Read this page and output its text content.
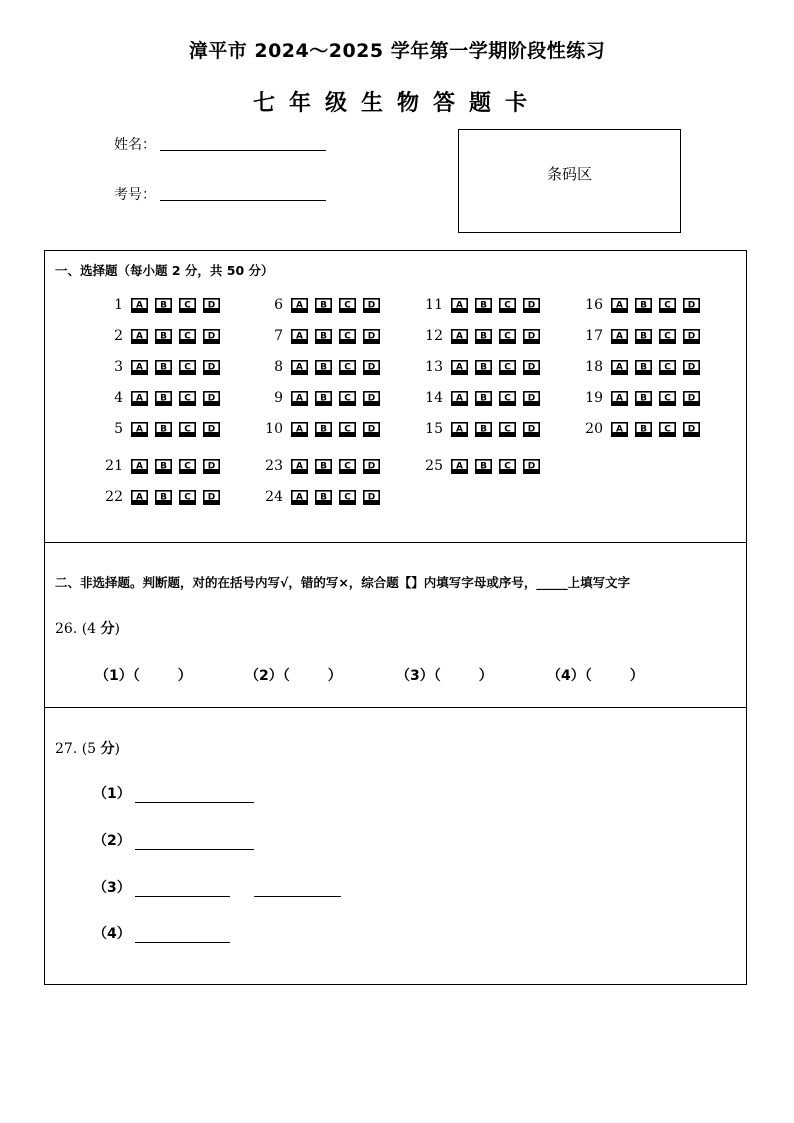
漳平市 2024～2025 学年第一学期阶段性练习
七年级生物答题卡
姓名：
考号：
条码区
一、选择题（每小题 2 分，共 50 分）
1 A B C D	6 A B C D	11 A B C D	16 A B C D
2 A B C D	7 A B C D	12 A B C D	17 A B C D
3 A B C D	8 A B C D	13 A B C D	18 A B C D
4 A B C D	9 A B C D	14 A B C D	19 A B C D
5 A B C D	10 A B C D	15 A B C D	20 A B C D
21 A B C D	23 A B C D	25 A B C D
22 A B C D	24 A B C D
二、非选择题。判断题，对的在括号内写√，错的写×，综合题【】内填写字母或序号，_____上填写文字
26. (4 分)
（1）（	）	（2）（	）	（3）（	）	（4）（	）
27. (5 分)
（1）
（2）
（3）
（4）
